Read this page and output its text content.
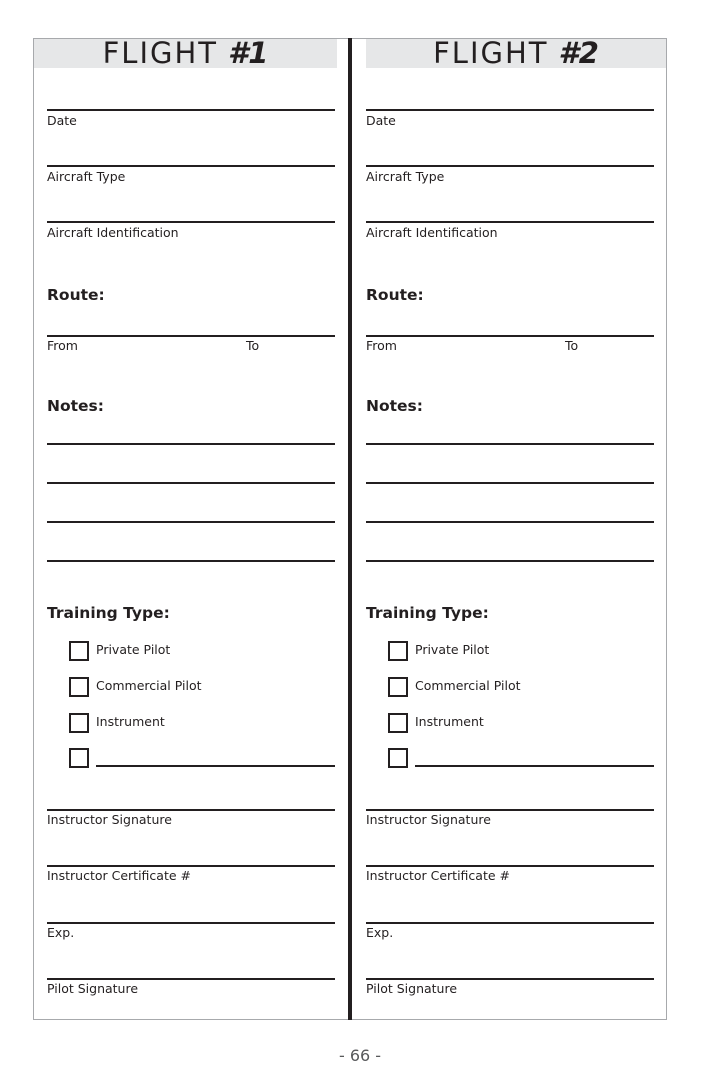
FLIGHT #1
Date
Aircraft Type
Aircraft Identification
Route:
From	To
Notes:
Training Type:
Private Pilot
Commercial Pilot
Instrument
Instructor Signature
Instructor Certificate #
Exp.
Pilot Signature
FLIGHT #2
Date
Aircraft Type
Aircraft Identification
Route:
From	To
Notes:
Training Type:
Private Pilot
Commercial Pilot
Instrument
Instructor Signature
Instructor Certificate #
Exp.
Pilot Signature
- 66 -
